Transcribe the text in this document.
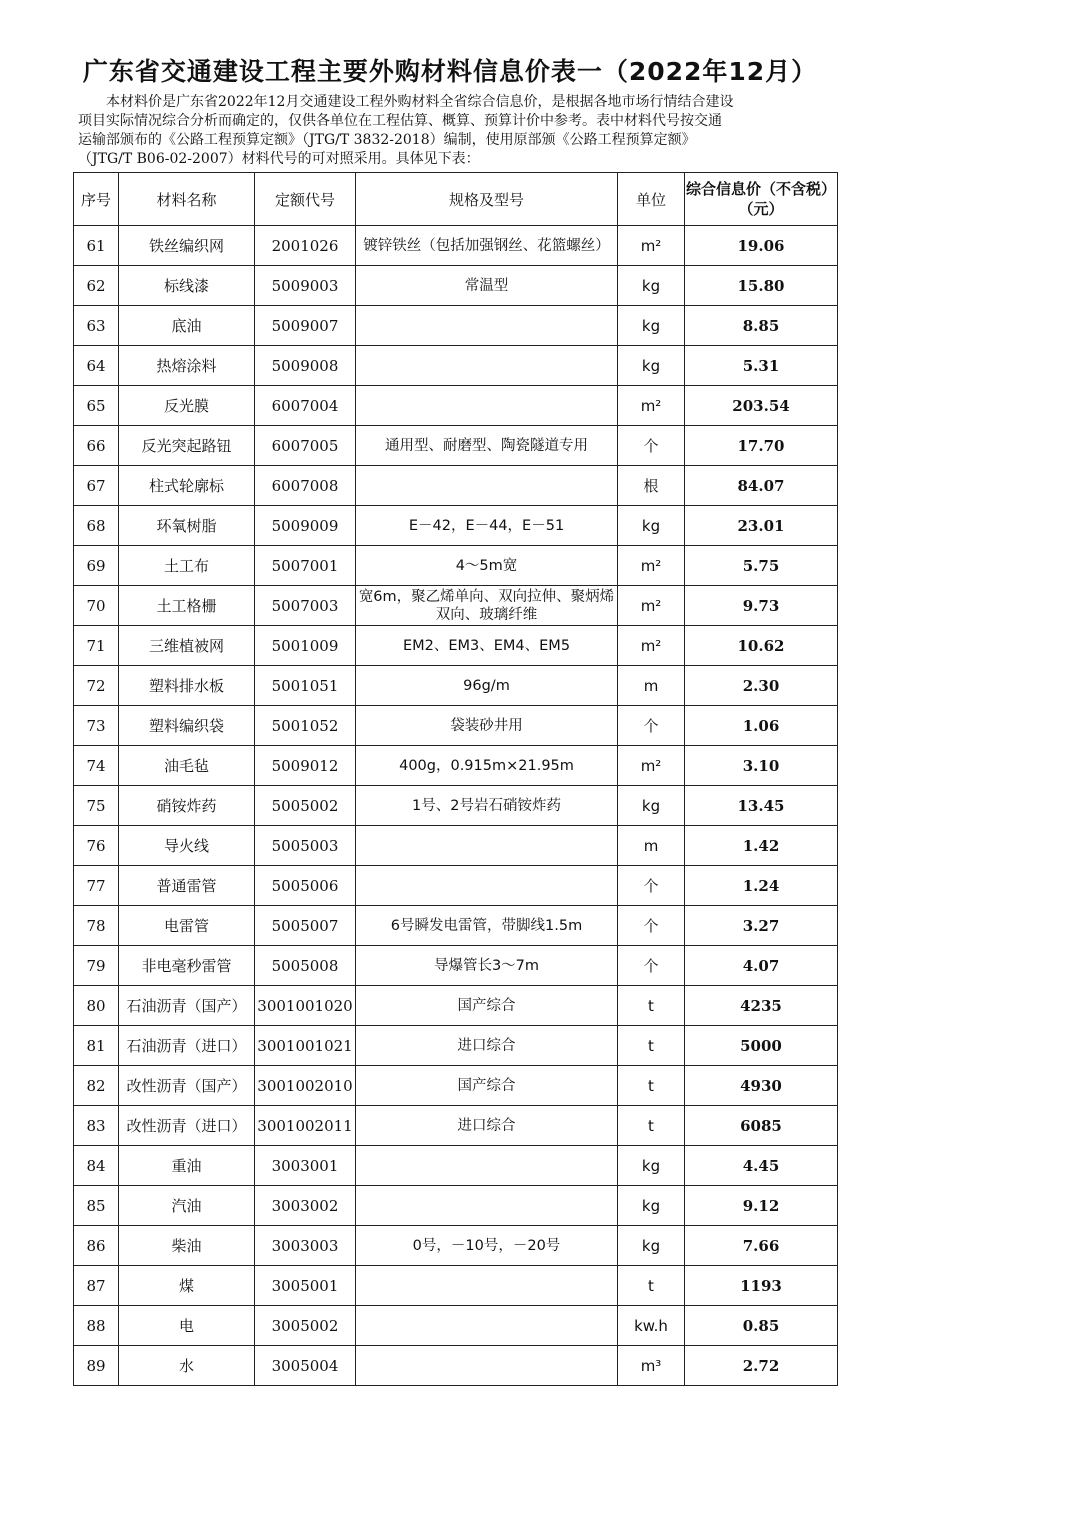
广东省交通建设工程主要外购材料信息价表一（2022年12月）
本材料价是广东省2022年12月交通建设工程外购材料全省综合信息价，是根据各地市场行情结合建设
项目实际情况综合分析而确定的，仅供各单位在工程估算、概算、预算计价中参考。表中材料代号按交通
运输部颁布的《公路工程预算定额》（JTG/T 3832-2018）编制，使用原部颁《公路工程预算定额》
（JTG/T B06-02-2007）材料代号的可对照采用。具体见下表：
序号	材料名称	定额代号	规格及型号	单位	综合信息价（不含税）（元）
61	铁丝编织网	2001026	镀锌铁丝（包括加强钢丝、花篮螺丝）	m²	19.06
62	标线漆	5009003	常温型	kg	15.80
63	底油	5009007		kg	8.85
64	热熔涂料	5009008		kg	5.31
65	反光膜	6007004		m²	203.54
66	反光突起路钮	6007005	通用型、耐磨型、陶瓷隧道专用	个	17.70
67	柱式轮廓标	6007008		根	84.07
68	环氧树脂	5009009	E－42，E－44，E－51	kg	23.01
69	土工布	5007001	4～5m宽	m²	5.75
70	土工格栅	5007003	宽6m，聚乙烯单向、双向拉伸、聚炳烯双向、玻璃纤维	m²	9.73
71	三维植被网	5001009	EM2、EM3、EM4、EM5	m²	10.62
72	塑料排水板	5001051	96g/m	m	2.30
73	塑料编织袋	5001052	袋装砂井用	个	1.06
74	油毛毡	5009012	400g，0.915m×21.95m	m²	3.10
75	硝铵炸药	5005002	1号、2号岩石硝铵炸药	kg	13.45
76	导火线	5005003		m	1.42
77	普通雷管	5005006		个	1.24
78	电雷管	5005007	6号瞬发电雷管，带脚线1.5m	个	3.27
79	非电毫秒雷管	5005008	导爆管长3～7m	个	4.07
80	石油沥青（国产）	3001001020	国产综合	t	4235
81	石油沥青（进口）	3001001021	进口综合	t	5000
82	改性沥青（国产）	3001002010	国产综合	t	4930
83	改性沥青（进口）	3001002011	进口综合	t	6085
84	重油	3003001		kg	4.45
85	汽油	3003002		kg	9.12
86	柴油	3003003	0号，－10号，－20号	kg	7.66
87	煤	3005001		t	1193
88	电	3005002		kw.h	0.85
89	水	3005004		m³	2.72
